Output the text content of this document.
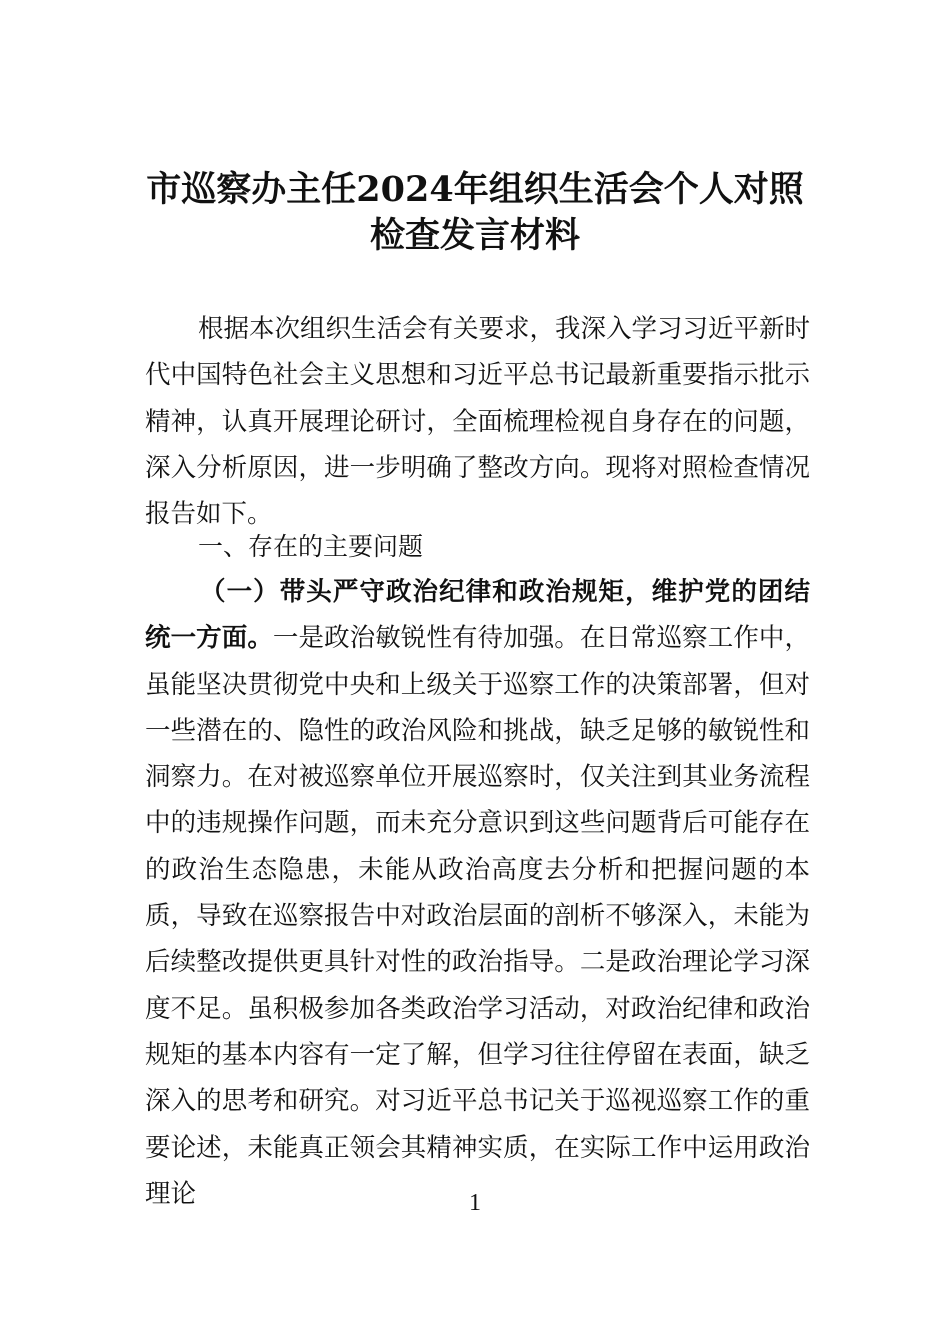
市巡察办主任2024年组织生活会个人对照
检查发言材料

根据本次组织生活会有关要求，我深入学习习近平新时代中国特色社会主义思想和习近平总书记最新重要指示批示精神，认真开展理论研讨，全面梳理检视自身存在的问题，深入分析原因，进一步明确了整改方向。现将对照检查情况报告如下。

一、存在的主要问题

（一）带头严守政治纪律和政治规矩，维护党的团结统一方面。一是政治敏锐性有待加强。在日常巡察工作中，虽能坚决贯彻党中央和上级关于巡察工作的决策部署，但对一些潜在的、隐性的政治风险和挑战，缺乏足够的敏锐性和洞察力。在对被巡察单位开展巡察时，仅关注到其业务流程中的违规操作问题，而未充分意识到这些问题背后可能存在的政治生态隐患，未能从政治高度去分析和把握问题的本质，导致在巡察报告中对政治层面的剖析不够深入，未能为后续整改提供更具针对性的政治指导。二是政治理论学习深度不足。虽积极参加各类政治学习活动，对政治纪律和政治规矩的基本内容有一定了解，但学习往往停留在表面，缺乏深入的思考和研究。对习近平总书记关于巡视巡察工作的重要论述，未能真正领会其精神实质，在实际工作中运用政治理论	1
